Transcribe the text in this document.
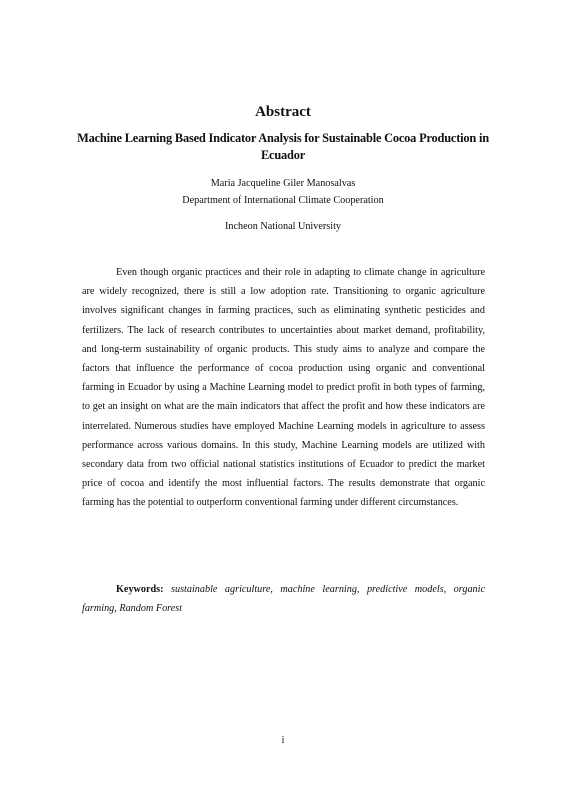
Abstract
Machine Learning Based Indicator Analysis for Sustainable Cocoa Production in Ecuador
Maria Jacqueline Giler Manosalvas
Department of International Climate Cooperation
Incheon National University

Even though organic practices and their role in adapting to climate change in agriculture are widely recognized, there is still a low adoption rate. Transitioning to organic agriculture involves significant changes in farming practices, such as eliminating synthetic pesticides and fertilizers. The lack of research contributes to uncertainties about market demand, profitability, and long-term sustainability of organic products. This study aims to analyze and compare the factors that influence the performance of cocoa production using organic and conventional farming in Ecuador by using a Machine Learning model to predict profit in both types of farming, to get an insight on what are the main indicators that affect the profit and how these indicators are interrelated. Numerous studies have employed Machine Learning models in agriculture to assess performance across various domains. In this study, Machine Learning models are utilized with secondary data from two official national statistics institutions of Ecuador to predict the market price of cocoa and identify the most influential factors. The results demonstrate that organic farming has the potential to outperform conventional farming under different circumstances.

Keywords: sustainable agriculture, machine learning, predictive models, organic farming, Random Forest

i
